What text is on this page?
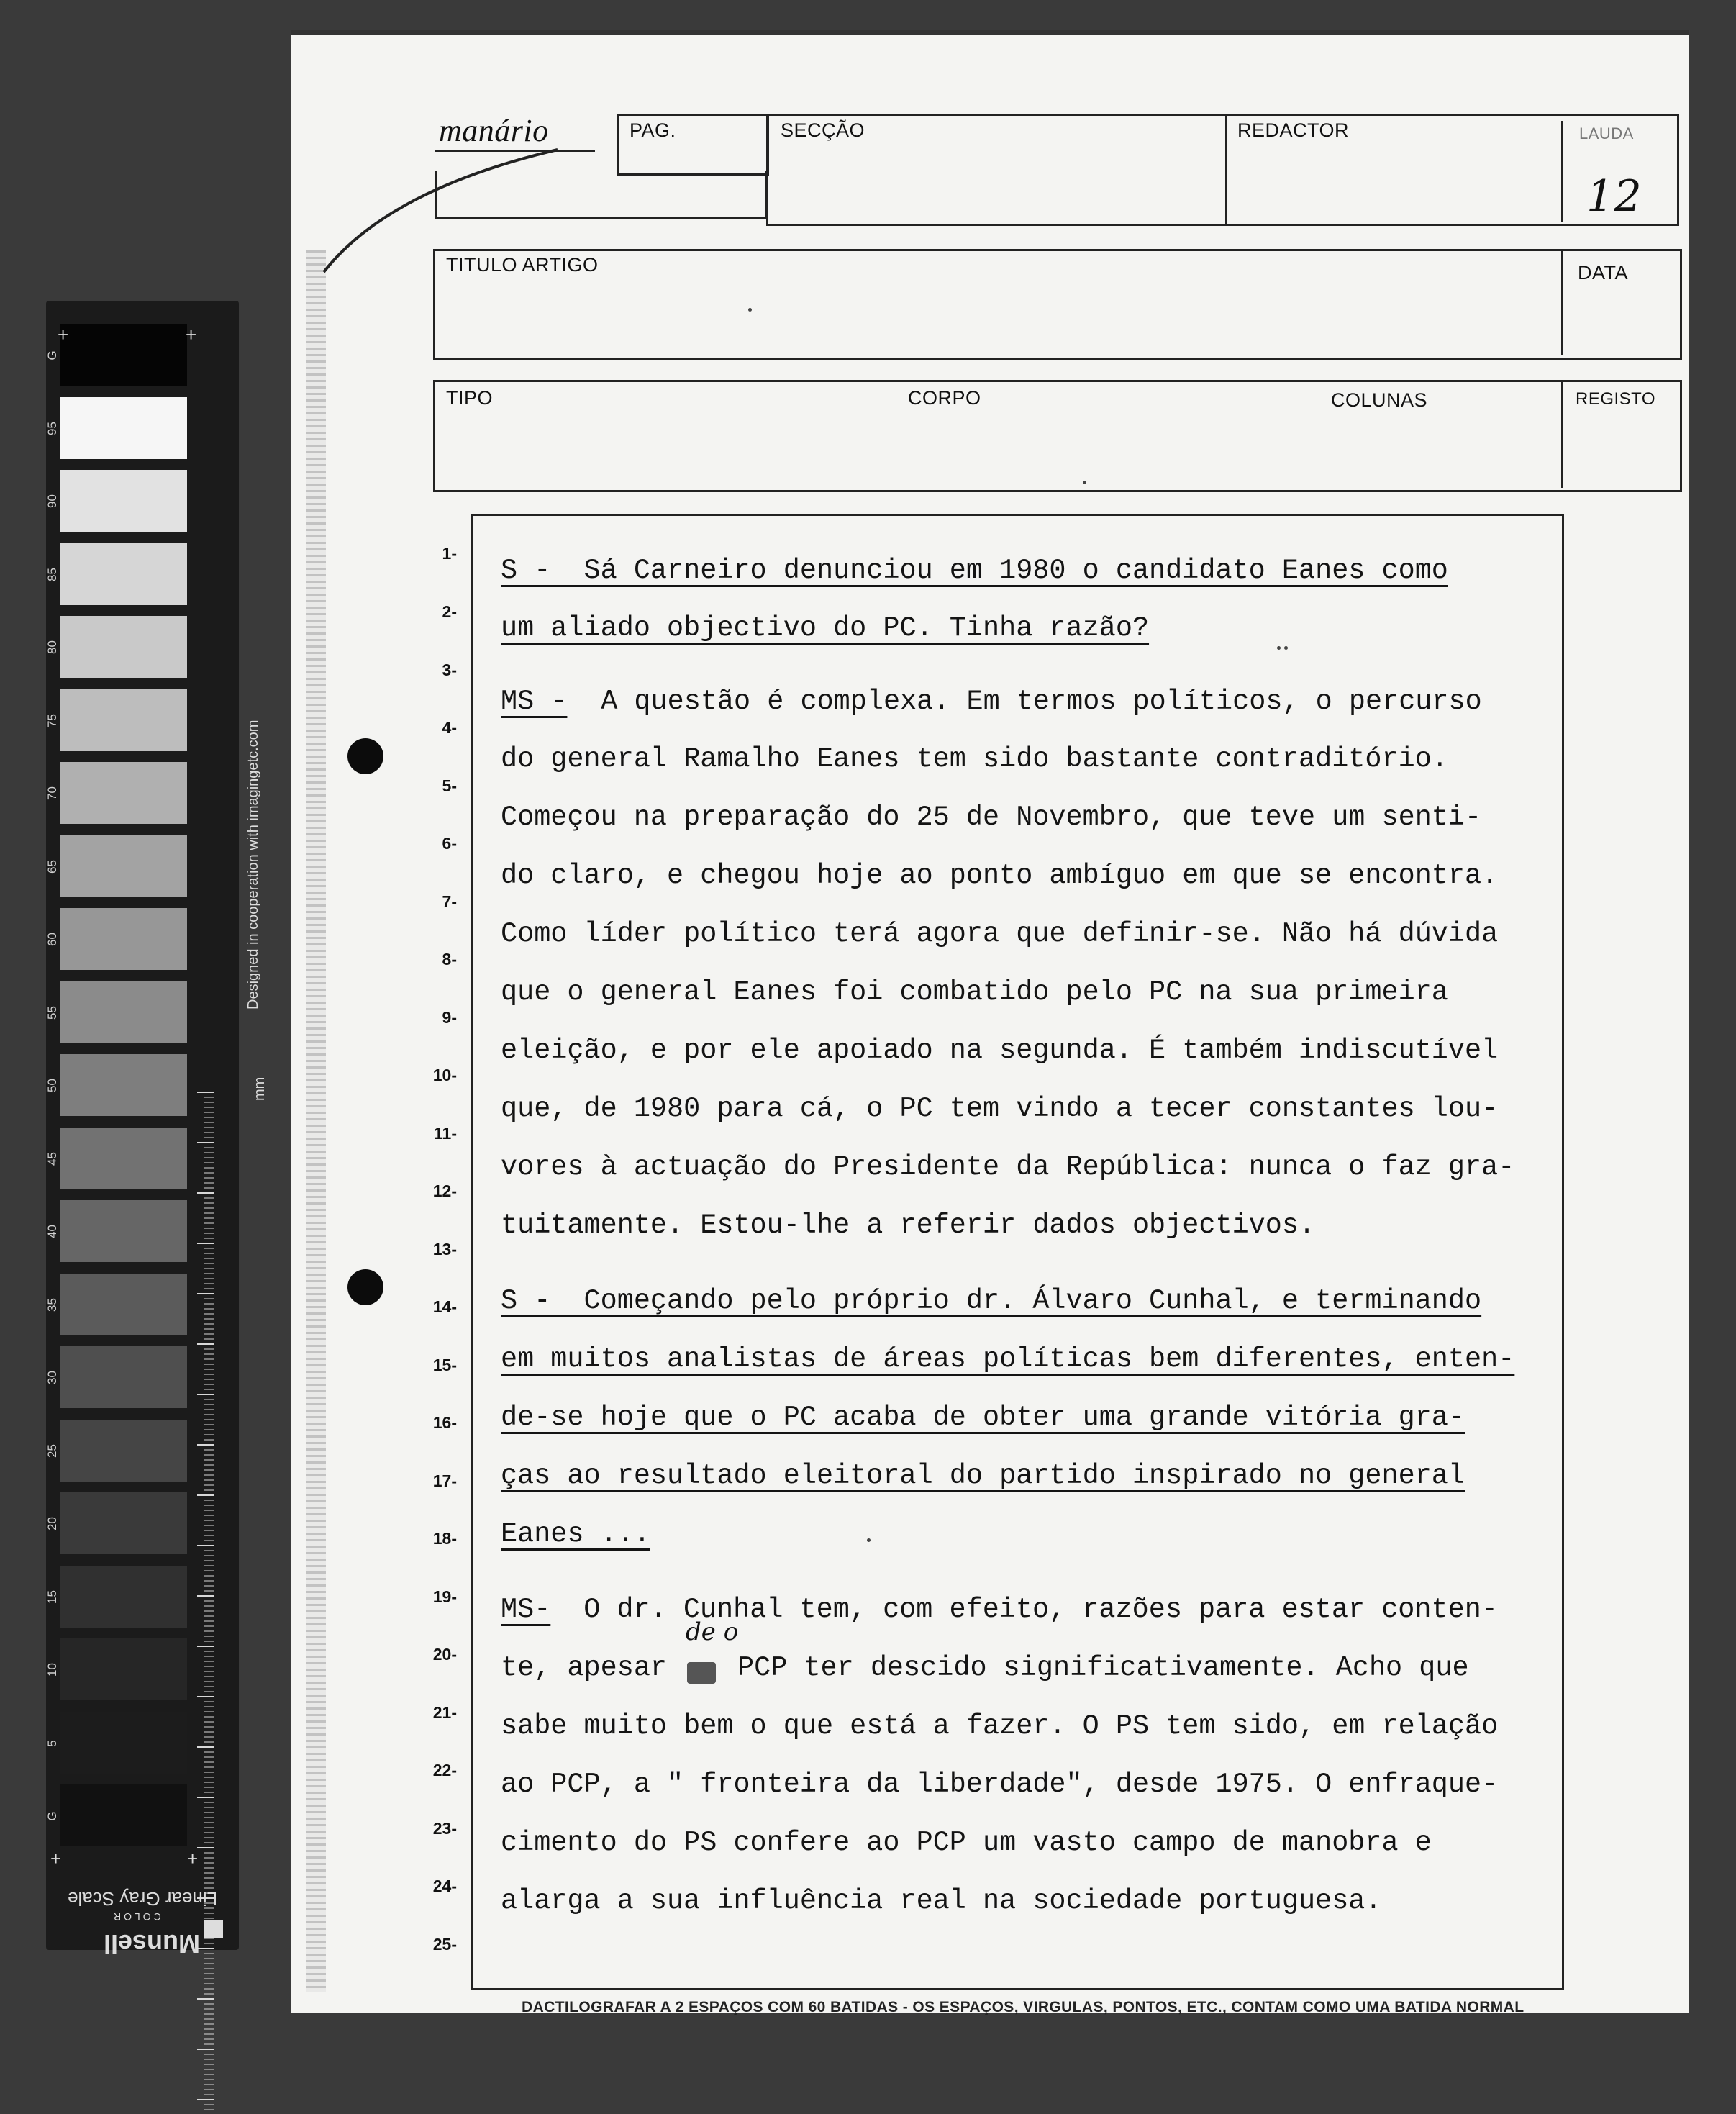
G
95
90
85
80
75
70
65
60
55
50
45
40
35
30
25
20
15
10
5
G
+	+
+	+
mm
Designed in cooperation with imagingetc.com
Munsell
COLOR
Linear Gray Scale
manário	PAG.	SECÇÃO	REDACTOR	LAUDA
12
TITULO ARTIGO	DATA
TIPO	CORPO	COLUNAS	REGISTO
1-
2-
3-
4-
5-
6-
7-
8-
9-
10-
11-
12-
13-
14-
15-
16-
17-
18-
19-
20-
21-
22-
23-
24-
25-
S -  Sá Carneiro denunciou em 1980 o candidato Eanes como
um aliado objectivo do PC. Tinha razão?
MS - A questão é complexa. Em termos políticos, o percurso
do general Ramalho Eanes tem sido bastante contraditório.
Começou na preparação do 25 de Novembro, que teve um senti-
do claro, e chegou hoje ao ponto ambíguo em que se encontra.
Como líder político terá agora que definir-se. Não há dúvida
que o general Eanes foi combatido pelo PC na sua primeira
eleição, e por ele apoiado na segunda. É também indiscutível
que, de 1980 para cá, o PC tem vindo a tecer constantes lou-
vores à actuação do Presidente da República: nunca o faz gra-
tuitamente. Estou-lhe a referir dados objectivos.
S -  Começando pelo próprio dr. Álvaro Cunhal, e terminando
em muitos analistas de áreas políticas bem diferentes, enten-
de-se hoje que o PC acaba de obter uma grande vitória gra-
ças ao resultado eleitoral do partido inspirado no general
Eanes ...
MS- O dr. Cunhal tem, com efeito, razões para estar conten-
te, apesar PCP ter descido significativamente. Acho que
de o
sabe muito bem o que está a fazer. O PS tem sido, em relação
ao PCP, a " fronteira da liberdade", desde 1975. O enfraque-
cimento do PS confere ao PCP um vasto campo de manobra e
alarga a sua influência real na sociedade portuguesa.
DACTILOGRAFAR A 2 ESPAÇOS COM 60 BATIDAS - OS ESPAÇOS, VIRGULAS, PONTOS, ETC., CONTAM COMO UMA BATIDA NORMAL
